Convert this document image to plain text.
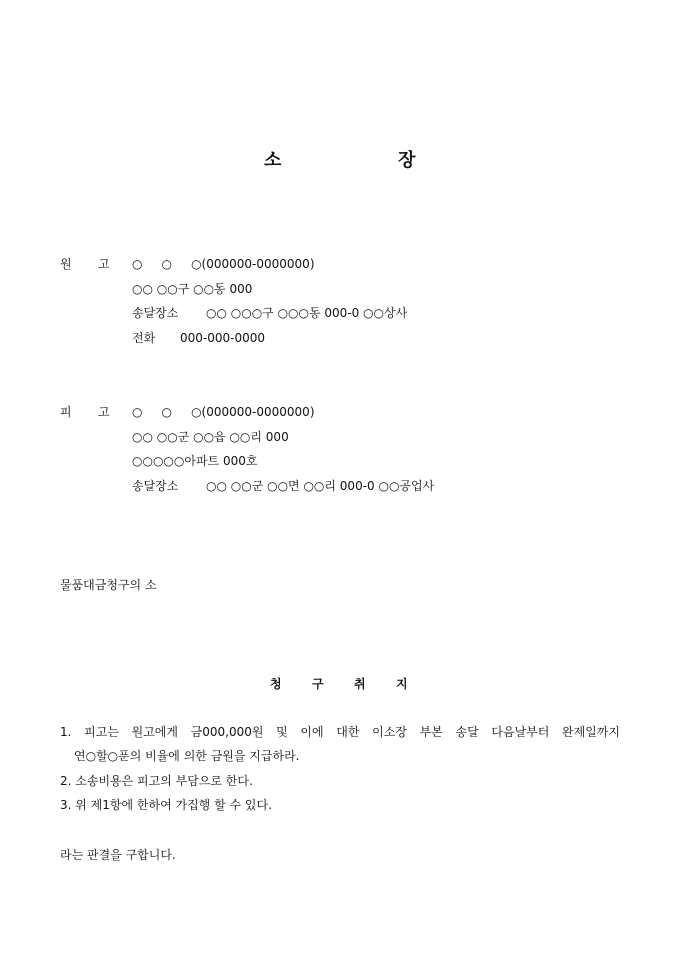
소	장
원 고 ○     ○     ○(000000-0000000)
○○ ○○구 ○○동 000
송달장소 ○○ ○○○구 ○○○동 000-0 ○○상사
전화 000-000-0000
피 고 ○     ○     ○(000000-0000000)
○○ ○○군 ○○읍 ○○리 000
○○○○○아파트 000호
송달장소 ○○ ○○군 ○○면 ○○리 000-0 ○○공업사
물품대금청구의 소
청	구	취	지
1. 피고는 원고에게 금000,000원 및 이에 대한 이소장 부본 송달 다음날부터 완제일까지
연○할○푼의 비율에 의한 금원을 지급하라.
2. 소송비용은 피고의 부담으로 한다.
3. 위 제1항에 한하여 가집행 할 수 있다.
라는 판결을 구합니다.
